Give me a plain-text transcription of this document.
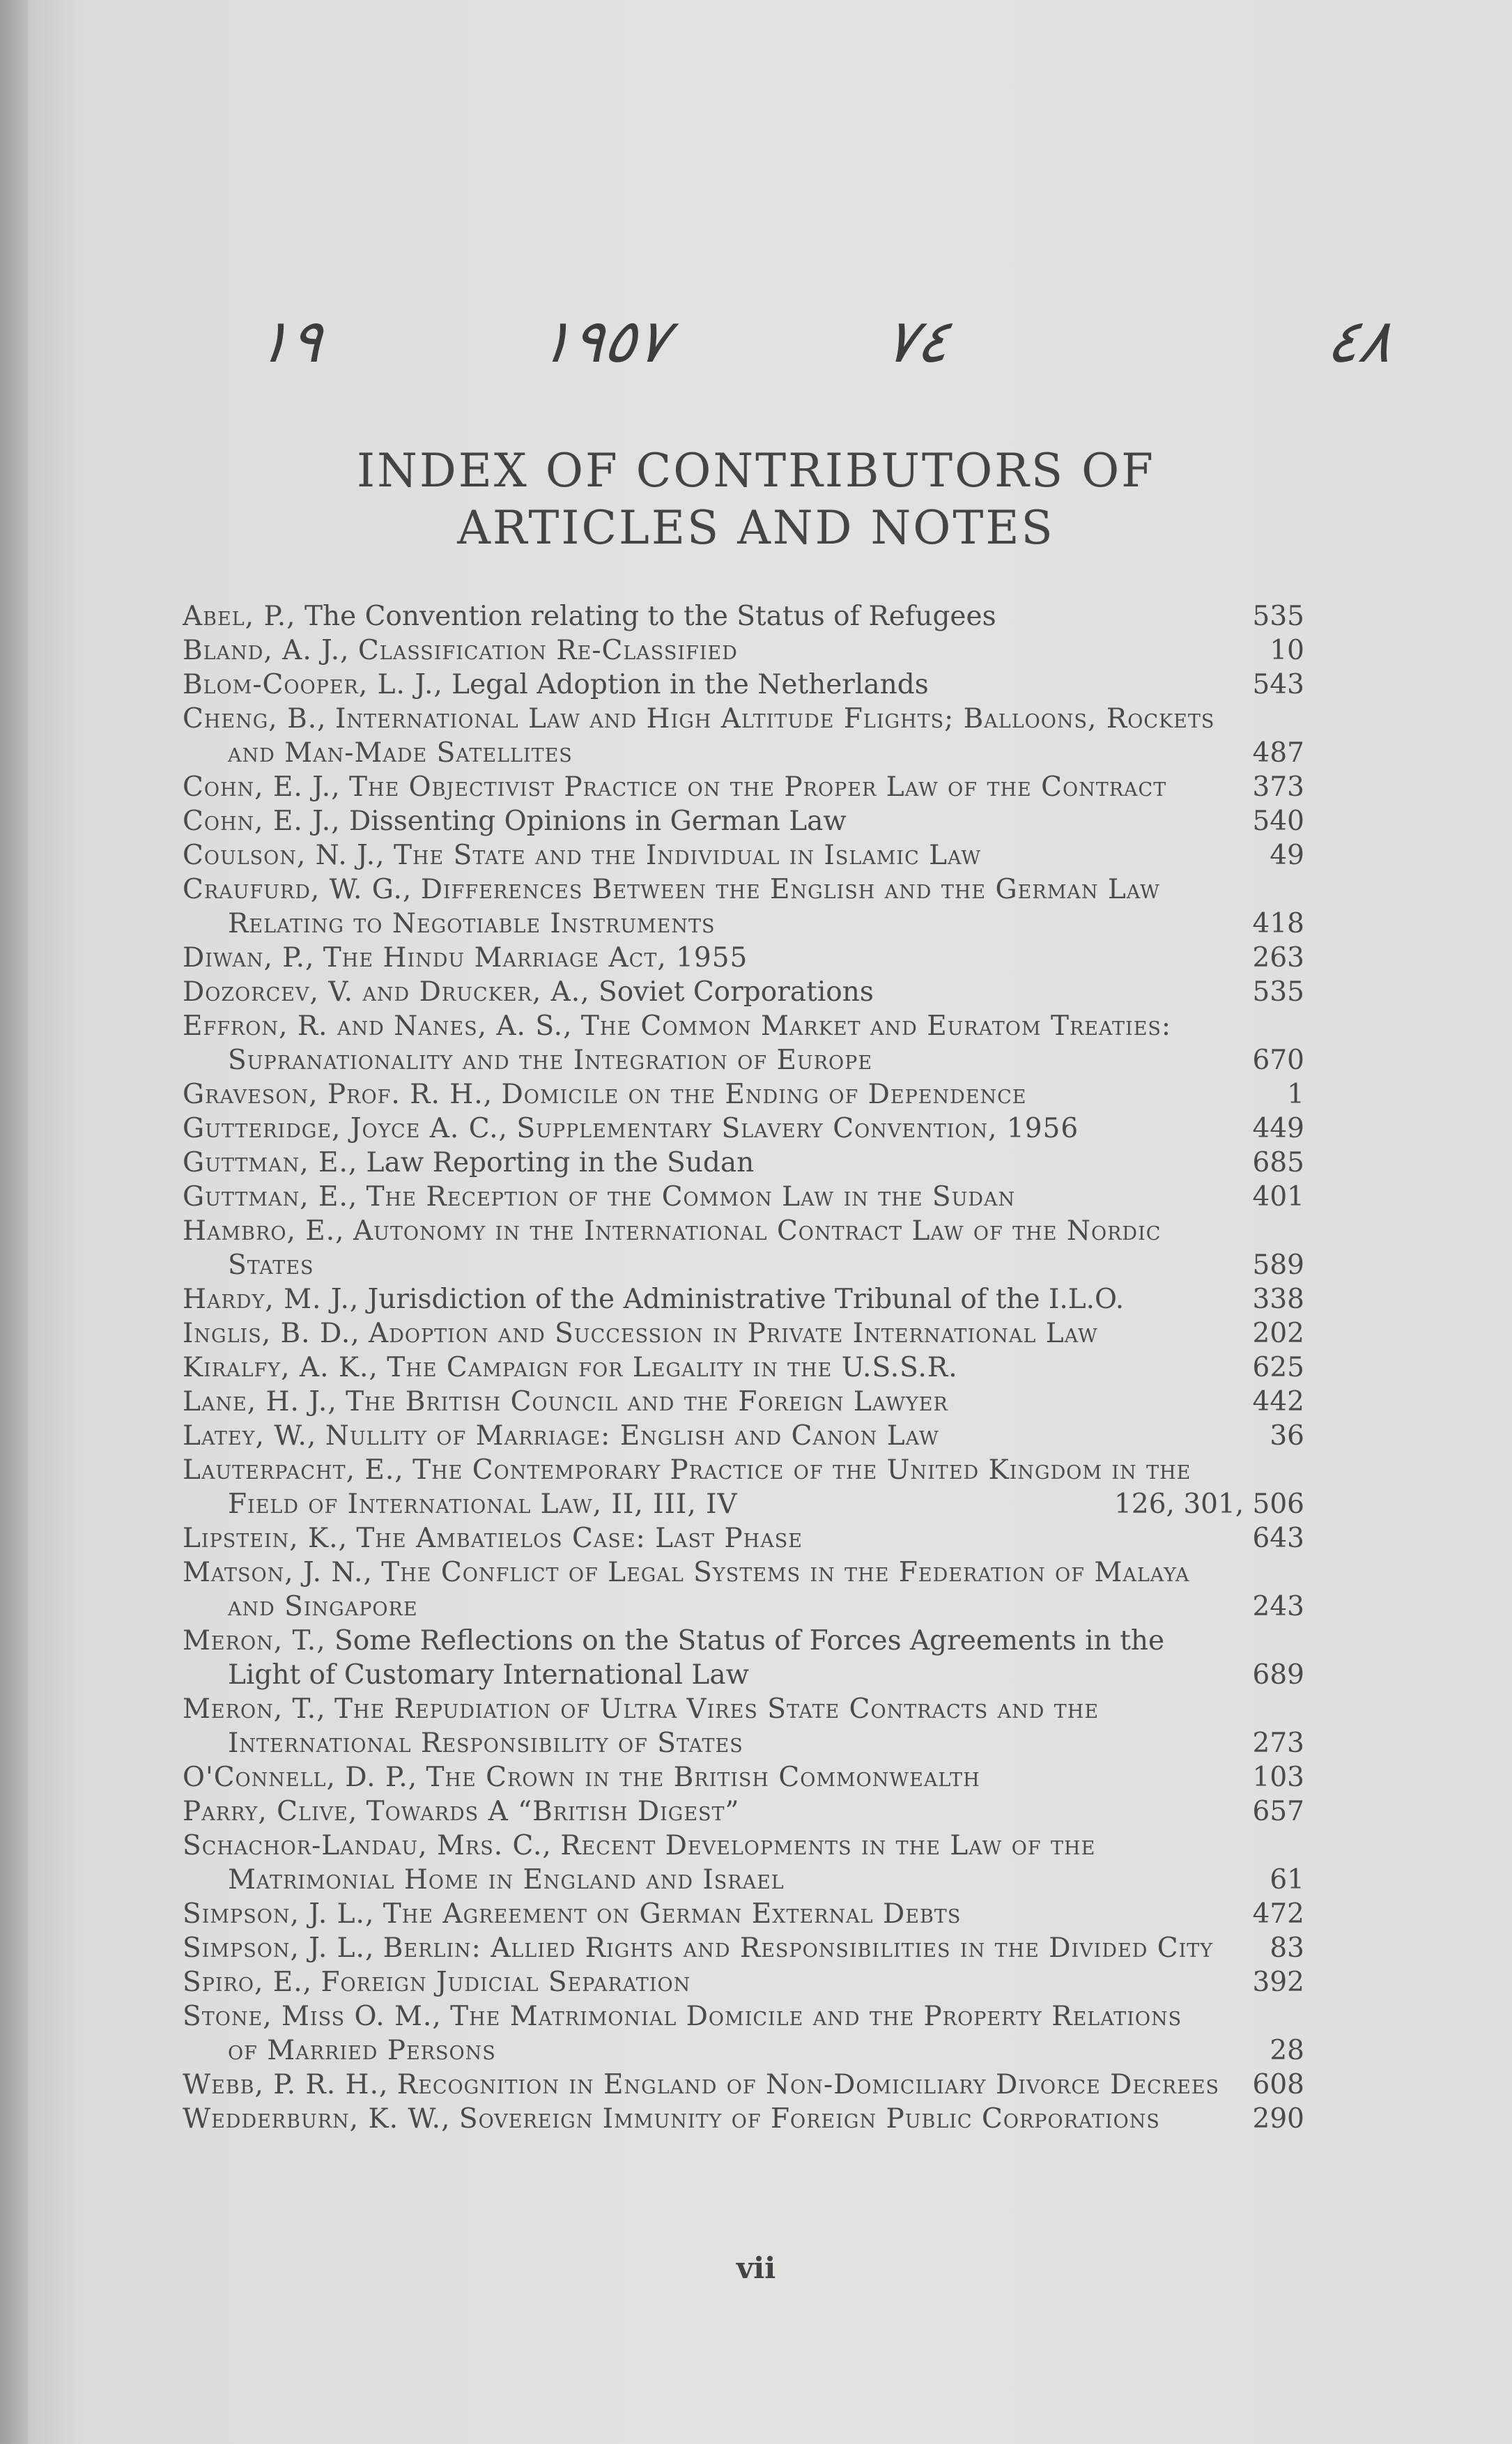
١٩	١٩٥٧	٧٤	٤٨
INDEX OF CONTRIBUTORS OF
ARTICLES AND NOTES
Abel, P., The Convention relating to the Status of Refugees	535
Bland, A. J., Classification Re-Classified	10
Blom-Cooper, L. J., Legal Adoption in the Netherlands	543
Cheng, B., International Law and High Altitude Flights; Balloons, Rockets and Man-Made Satellites	487
Cohn, E. J., The Objectivist Practice on the Proper Law of the Contract	373
Cohn, E. J., Dissenting Opinions in German Law	540
Coulson, N. J., The State and the Individual in Islamic Law	49
Craufurd, W. G., Differences Between the English and the German Law Relating to Negotiable Instruments	418
Diwan, P., The Hindu Marriage Act, 1955	263
Dozorcev, V. and Drucker, A., Soviet Corporations	535
Effron, R. and Nanes, A. S., The Common Market and Euratom Treaties: Supranationality and the Integration of Europe	670
Graveson, Prof. R. H., Domicile on the Ending of Dependence	1
Gutteridge, Joyce A. C., Supplementary Slavery Convention, 1956	449
Guttman, E., Law Reporting in the Sudan	685
Guttman, E., The Reception of the Common Law in the Sudan	401
Hambro, E., Autonomy in the International Contract Law of the Nordic States	589
Hardy, M. J., Jurisdiction of the Administrative Tribunal of the I.L.O.	338
Inglis, B. D., Adoption and Succession in Private International Law	202
Kiralfy, A. K., The Campaign for Legality in the U.S.S.R.	625
Lane, H. J., The British Council and the Foreign Lawyer	442
Latey, W., Nullity of Marriage: English and Canon Law	36
Lauterpacht, E., The Contemporary Practice of the United Kingdom in the Field of International Law, II, III, IV	126, 301, 506
Lipstein, K., The Ambatielos Case: Last Phase	643
Matson, J. N., The Conflict of Legal Systems in the Federation of Malaya and Singapore	243
Meron, T., Some Reflections on the Status of Forces Agreements in the Light of Customary International Law	689
Meron, T., The Repudiation of Ultra Vires State Contracts and the International Responsibility of States	273
O'Connell, D. P., The Crown in the British Commonwealth	103
Parry, Clive, Towards A “British Digest”	657
Schachor-Landau, Mrs. C., Recent Developments in the Law of the Matrimonial Home in England and Israel	61
Simpson, J. L., The Agreement on German External Debts	472
Simpson, J. L., Berlin: Allied Rights and Responsibilities in the Divided City	83
Spiro, E., Foreign Judicial Separation	392
Stone, Miss O. M., The Matrimonial Domicile and the Property Relations of Married Persons	28
Webb, P. R. H., Recognition in England of Non-Domiciliary Divorce Decrees	608
Wedderburn, K. W., Sovereign Immunity of Foreign Public Corporations	290
vii
